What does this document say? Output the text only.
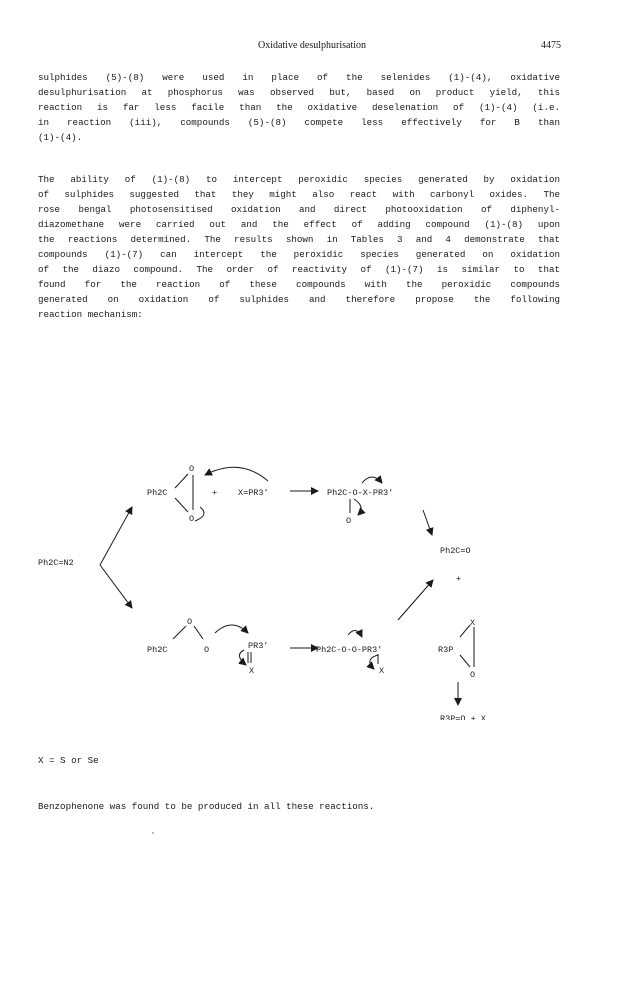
Oxidative desulphurisation	4475
sulphides (5)-(8) were used in place of the selenides (1)-(4), oxidative
desulphurisation at phosphorus was observed but, based on product yield, this
reaction is far less facile than the oxidative deselenation of (1)-(4) (i.e.
in reaction (iii), compounds (5)-(8) compete less effectively for B than
(1)-(4).
The ability of (1)-(8) to intercept peroxidic species generated by oxidation
of sulphides suggested that they might also react with carbonyl oxides. The
rose bengal photosensitised oxidation and direct photooxidation of diphenyl-
diazomethane were carried out and the effect of adding compound (1)-(8) upon
the reactions determined. The results shown in Tables 3 and 4 demonstrate that
compounds (1)-(7) can intercept the peroxidic species generated on oxidation
of the diazo compound. The order of reactivity of (1)-(7) is similar to that
found for the reaction of these compounds with the peroxidic compounds
generated on oxidation of sulphides and therefore propose the following
reaction mechanism:
O
Ph2C
O
+ X=PR3'	Ph2C-O-X-PR3'
O
Ph2C=O
+
Ph2C=N2
O
Ph2C	O	PR3'
X
Ph2C-O-O-PR3'
X
X
R3P
O
R3P=O + X
X = S or Se
Benzophenone was found to be produced in all these reactions.
